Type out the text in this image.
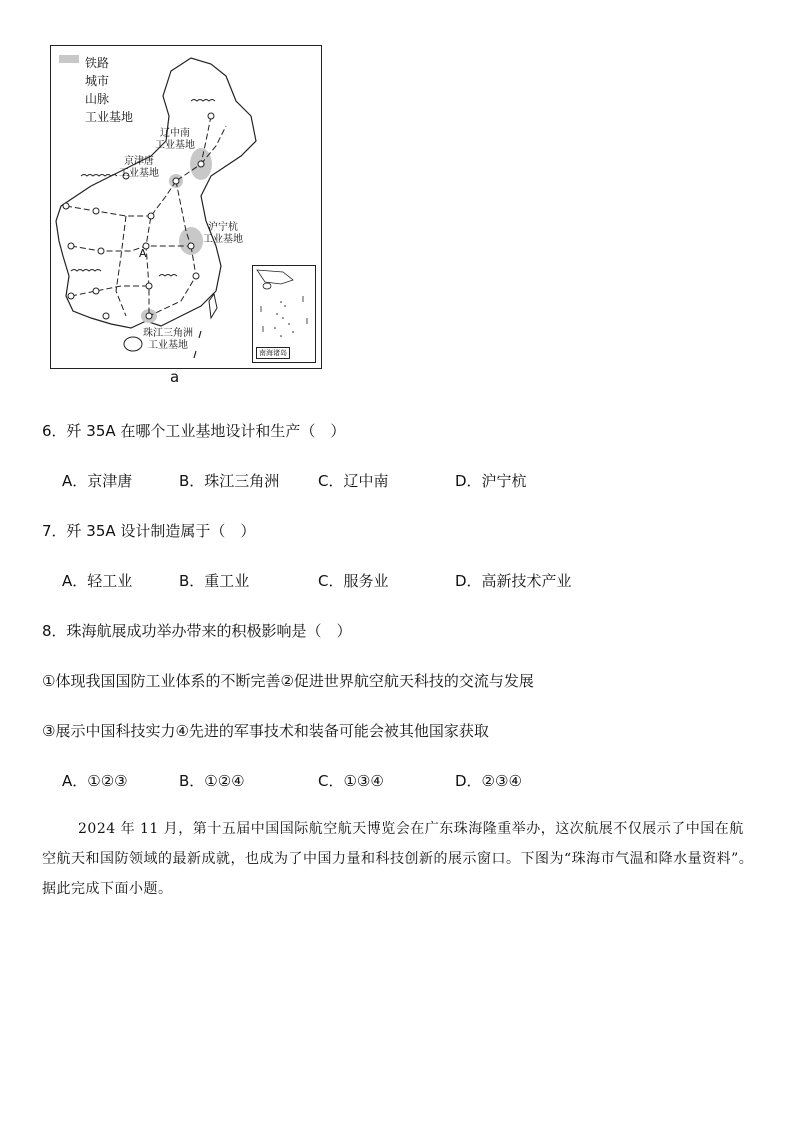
铁路
城市
山脉
工业基地
辽中南
工业基地
京津唐
工业基地
沪宁杭
工业基地
珠江三角洲
工业基地
A
南海诸岛
a
6．歼 35A 在哪个工业基地设计和生产（　）
A．京津唐	B．珠江三角洲	C．辽中南	D．沪宁杭
7．歼 35A 设计制造属于（　）
A．轻工业	B．重工业	C．服务业	D．高新技术产业
8．珠海航展成功举办带来的积极影响是（　）
①体现我国国防工业体系的不断完善②促进世界航空航天科技的交流与发展
③展示中国科技实力④先进的军事技术和装备可能会被其他国家获取
A．①②③	B．①②④	C．①③④	D．②③④
2024 年 11 月，第十五届中国国际航空航天博览会在广东珠海隆重举办，这次航展不仅展示了中国在航空航天和国防领域的最新成就，也成为了中国力量和科技创新的展示窗口。下图为“珠海市气温和降水量资料”。据此完成下面小题。
